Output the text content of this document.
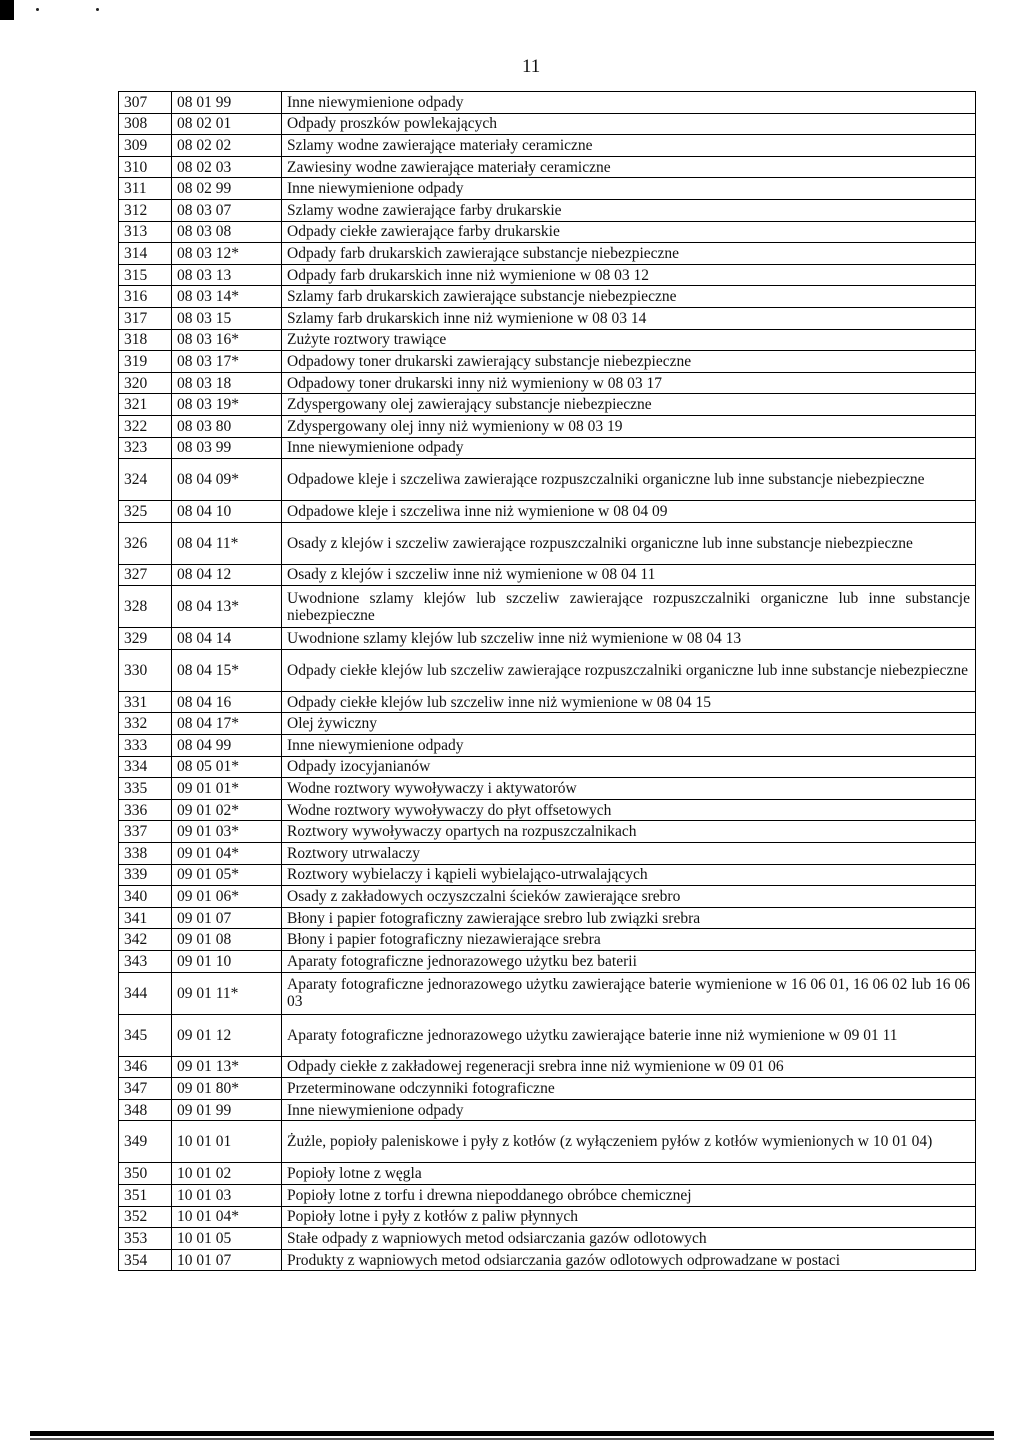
11
307	08 01 99	Inne niewymienione odpady
308	08 02 01	Odpady proszków powlekających
309	08 02 02	Szlamy wodne zawierające materiały ceramiczne
310	08 02 03	Zawiesiny wodne zawierające materiały ceramiczne
311	08 02 99	Inne niewymienione odpady
312	08 03 07	Szlamy wodne zawierające farby drukarskie
313	08 03 08	Odpady ciekłe zawierające farby drukarskie
314	08 03 12*	Odpady farb drukarskich zawierające substancje niebezpieczne
315	08 03 13	Odpady farb drukarskich inne niż wymienione w 08 03 12
316	08 03 14*	Szlamy farb drukarskich zawierające substancje niebezpieczne
317	08 03 15	Szlamy farb drukarskich inne niż wymienione w 08 03 14
318	08 03 16*	Zużyte roztwory trawiące
319	08 03 17*	Odpadowy toner drukarski zawierający substancje niebezpieczne
320	08 03 18	Odpadowy toner drukarski inny niż wymieniony w 08 03 17
321	08 03 19*	Zdyspergowany olej zawierający substancje niebezpieczne
322	08 03 80	Zdyspergowany olej inny niż wymieniony w 08 03 19
323	08 03 99	Inne niewymienione odpady
324	08 04 09*	Odpadowe kleje i szczeliwa zawierające rozpuszczalniki organiczne lub inne substancje niebezpieczne
325	08 04 10	Odpadowe kleje i szczeliwa inne niż wymienione w 08 04 09
326	08 04 11*	Osady z klejów i szczeliw zawierające rozpuszczalniki organiczne lub inne substancje niebezpieczne
327	08 04 12	Osady z klejów i szczeliw inne niż wymienione w 08 04 11
328	08 04 13*	Uwodnione szlamy klejów lub szczeliw zawierające rozpuszczalniki organiczne lub inne substancje niebezpieczne
329	08 04 14	Uwodnione szlamy klejów lub szczeliw inne niż wymienione w 08 04 13
330	08 04 15*	Odpady ciekłe klejów lub szczeliw zawierające rozpuszczalniki organiczne lub inne substancje niebezpieczne
331	08 04 16	Odpady ciekłe klejów lub szczeliw inne niż wymienione w 08 04 15
332	08 04 17*	Olej żywiczny
333	08 04 99	Inne niewymienione odpady
334	08 05 01*	Odpady izocyjanianów
335	09 01 01*	Wodne roztwory wywoływaczy i aktywatorów
336	09 01 02*	Wodne roztwory wywoływaczy do płyt offsetowych
337	09 01 03*	Roztwory wywoływaczy opartych na rozpuszczalnikach
338	09 01 04*	Roztwory utrwalaczy
339	09 01 05*	Roztwory wybielaczy i kąpieli wybielająco-utrwalających
340	09 01 06*	Osady z zakładowych oczyszczalni ścieków zawierające srebro
341	09 01 07	Błony i papier fotograficzny zawierające srebro lub związki srebra
342	09 01 08	Błony i papier fotograficzny niezawierające srebra
343	09 01 10	Aparaty fotograficzne jednorazowego użytku bez baterii
344	09 01 11*	Aparaty fotograficzne jednorazowego użytku zawierające baterie wymienione w 16 06 01, 16 06 02 lub 16 06 03
345	09 01 12	Aparaty fotograficzne jednorazowego użytku zawierające baterie inne niż wymienione w 09 01 11
346	09 01 13*	Odpady ciekłe z zakładowej regeneracji srebra inne niż wymienione w 09 01 06
347	09 01 80*	Przeterminowane odczynniki fotograficzne
348	09 01 99	Inne niewymienione odpady
349	10 01 01	Żużle, popioły paleniskowe i pyły z kotłów (z wyłączeniem pyłów z kotłów wymienionych w 10 01 04)
350	10 01 02	Popioły lotne z węgla
351	10 01 03	Popioły lotne z torfu i drewna niepoddanego obróbce chemicznej
352	10 01 04*	Popioły lotne i pyły z kotłów z paliw płynnych
353	10 01 05	Stałe odpady z wapniowych metod odsiarczania gazów odlotowych
354	10 01 07	Produkty z wapniowych metod odsiarczania gazów odlotowych odprowadzane w postaci
